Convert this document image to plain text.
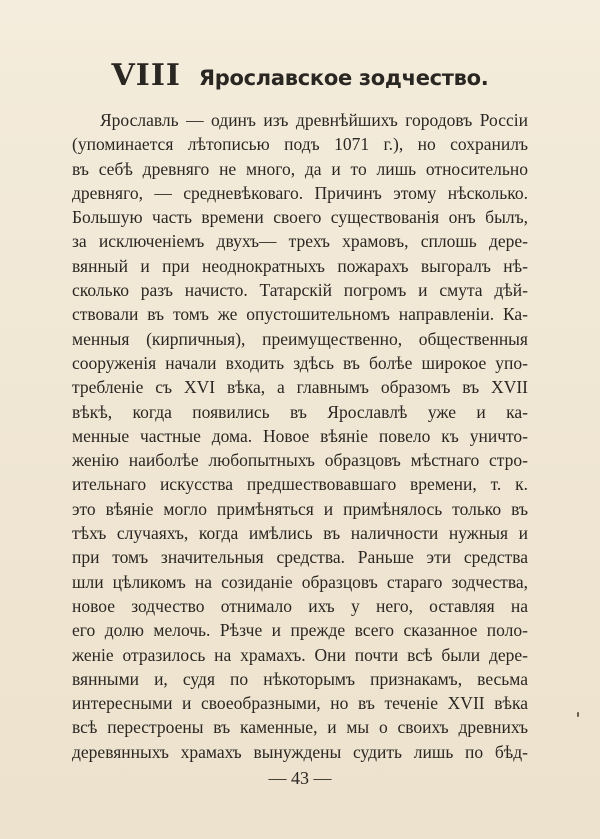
VIII Ярославское зодчество.
Ярославль — одинъ изъ древнѣйшихъ городовъ Россіи
(упоминается лѣтописью подъ 1071 г.), но сохранилъ
въ себѣ древняго не много, да и то лишь относительно
древняго, — средневѣковаго. Причинъ этому нѣсколько.
Большую часть времени своего существованія онъ былъ,
за исключеніемъ двухъ— трехъ храмовъ, сплошь дере-
вянный и при неоднократныхъ пожарахъ выгоралъ нѣ-
сколько разъ начисто. Татарскій погромъ и смута дѣй-
ствовали въ томъ же опустошительномъ направленіи. Ка-
менныя (кирпичныя), преимущественно, общественныя
сооруженія начали входить здѣсь въ болѣе широкое упо-
требленіе съ XVI вѣка, а главнымъ образомъ въ XVII
вѣкѣ, когда появились въ Ярославлѣ уже и ка-
менные частные дома. Новое вѣяніе повело къ уничто-
женію наиболѣе любопытныхъ образцовъ мѣстнаго стро-
ительнаго искусства предшествовавшаго времени, т. к.
это вѣяніе могло примѣняться и примѣнялось только въ
тѣхъ случаяхъ, когда имѣлись въ наличности нужныя и
при томъ значительныя средства. Раньше эти средства
шли цѣликомъ на созиданіе образцовъ стараго зодчества,
новое зодчество отнимало ихъ у него, оставляя на
его долю мелочь. Рѣзче и прежде всего сказанное поло-
женіе отразилось на храмахъ. Они почти всѣ были дере-
вянными и, судя по нѣкоторымъ признакамъ, весьма
интересными и своеобразными, но въ теченіе XVII вѣка
всѣ перестроены въ каменные, и мы о своихъ древнихъ
деревянныхъ храмахъ вынуждены судить лишь по бѣд-
— 43 —
